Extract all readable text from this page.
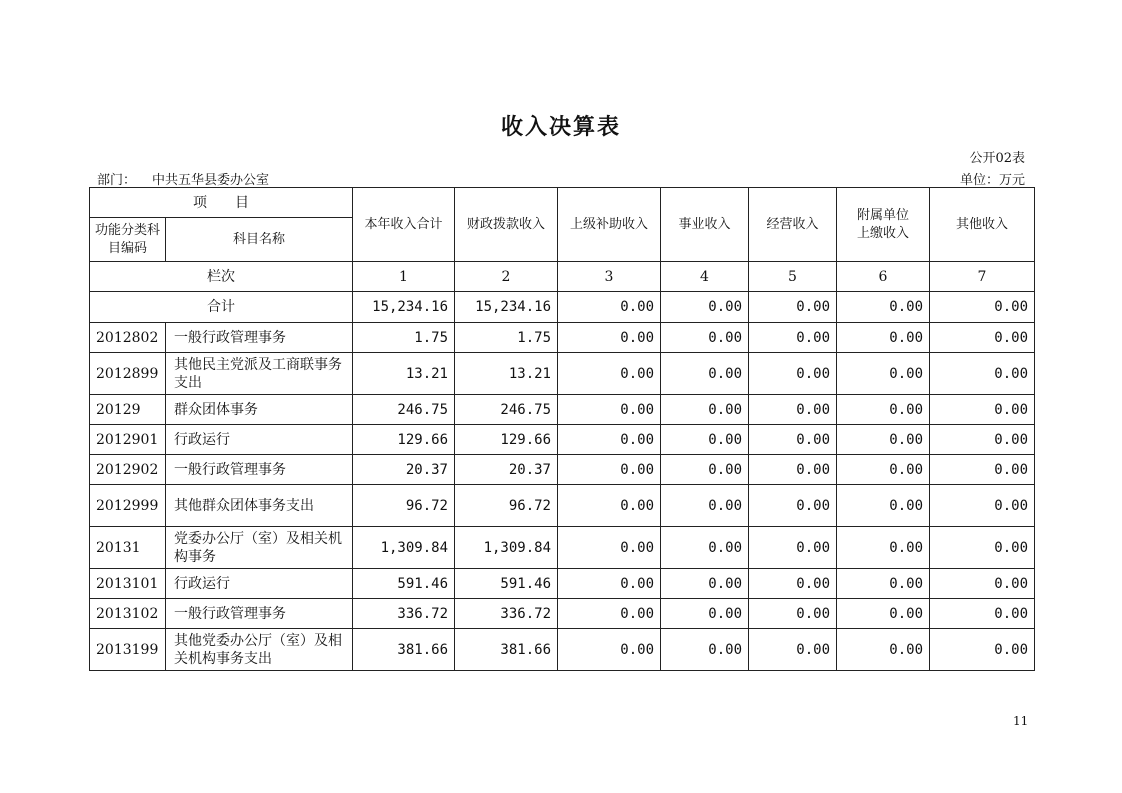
收入决算表
公开02表
部门： 中共五华县委办公室	单位：万元
项　　目		本年收入合计	财政拨款收入	上级补助收入	事业收入	经营收入	附属单位上缴收入	其他收入
功能分类科目编码	科目名称							
栏次		1	2	3	4	5	6	7
合计		15,234.16	15,234.16	0.00	0.00	0.00	0.00	0.00
2012802	一般行政管理事务	1.75	1.75	0.00	0.00	0.00	0.00	0.00
2012899	其他民主党派及工商联事务支出	13.21	13.21	0.00	0.00	0.00	0.00	0.00
20129	群众团体事务	246.75	246.75	0.00	0.00	0.00	0.00	0.00
2012901	行政运行	129.66	129.66	0.00	0.00	0.00	0.00	0.00
2012902	一般行政管理事务	20.37	20.37	0.00	0.00	0.00	0.00	0.00
2012999	其他群众团体事务支出	96.72	96.72	0.00	0.00	0.00	0.00	0.00
20131	党委办公厅（室）及相关机构事务	1,309.84	1,309.84	0.00	0.00	0.00	0.00	0.00
2013101	行政运行	591.46	591.46	0.00	0.00	0.00	0.00	0.00
2013102	一般行政管理事务	336.72	336.72	0.00	0.00	0.00	0.00	0.00
2013199	其他党委办公厅（室）及相关机构事务支出	381.66	381.66	0.00	0.00	0.00	0.00	0.00
11
